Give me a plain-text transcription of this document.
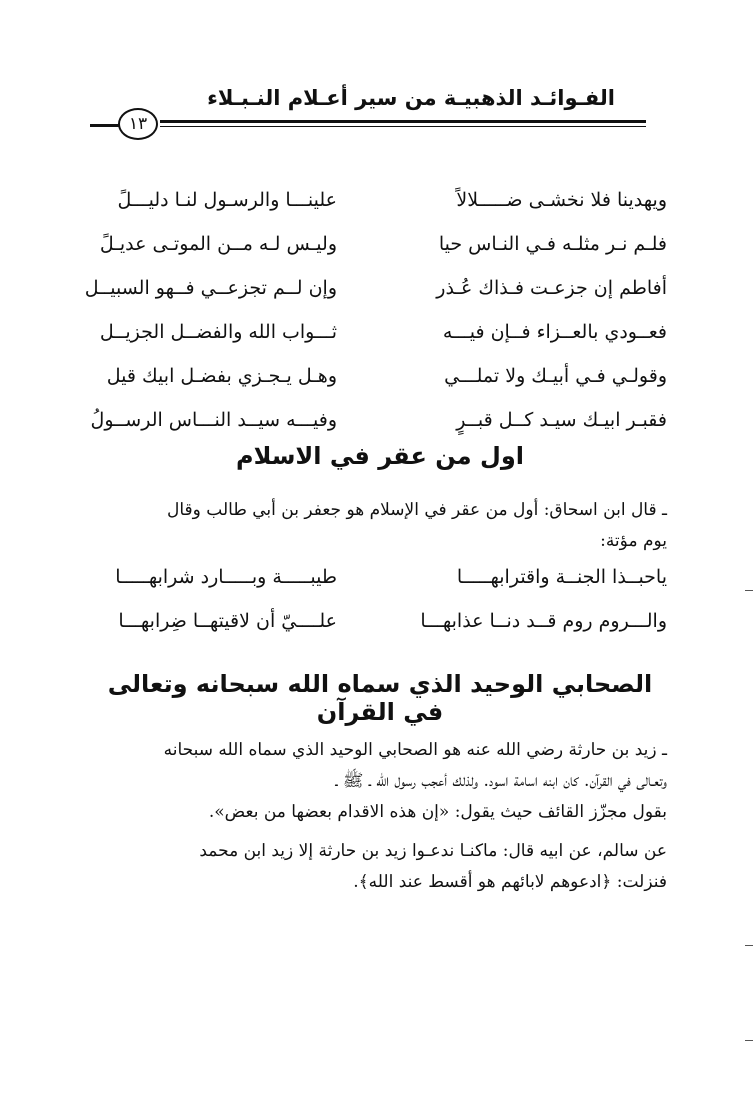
الفـوائـد الذهبيـة من سير أعـلام النـبـلاء
١٣
ويهدينا فلا نخشـى ضـــــلالاً
علينـــا والرسـول لنـا دليـــلً
فلـم نـر مثلـه فـي النـاس حيا
وليـس لـه مــن الموتـى عديـلً
أفاطم إن جزعـت فـذاك عُـذر
وإن لــم تجزعــي فــهو السبيــل
فعــودي بالعــزاء فــإن فيـــه
ثـــواب الله والفضــل الجزيــل
وقولـي فـي أبيـك ولا تملـــي
وهـل يـجـزي بفضـل ابيك قيل
فقبـر ابيـك سيـد كــل قبــرٍ
وفيـــه سيــد النـــاس الرســولُ
اول من عقر في الاسلام
ـ قال ابن اسحاق: أول من عقر في الإسلام هو جعفر بن أبي طالب وقال
يوم مؤتة:
ياحبــذا الجنــة واقترابهـــــا
طيبـــــة وبـــــارد شرابهـــــا
والـــروم روم قــد دنــا عذابهـــا
علــــيّ أن لاقيتهــا ضِرابهـــا
الصحابي الوحيد الذي سماه الله سبحانه وتعالى في القرآن
ـ زيد بن حارثة رضي الله عنه هو الصحابي الوحيد الذي سماه الله سبحانه
وتعـالى في القرآن. كان ابنه اسامة اسود. ولذلك أعجب رسول الله ـ ﷺ ـ
بقول مجزّز القائف حيث يقول: «إن هذه الاقدام بعضها من بعض».
عن سالم، عن ابيه قال: ماكنـا ندعـوا زيد بن حارثة إلا زيد ابن محمد
فنزلت: ﴿ادعوهم لابائهم هو أقسط عند الله﴾.
